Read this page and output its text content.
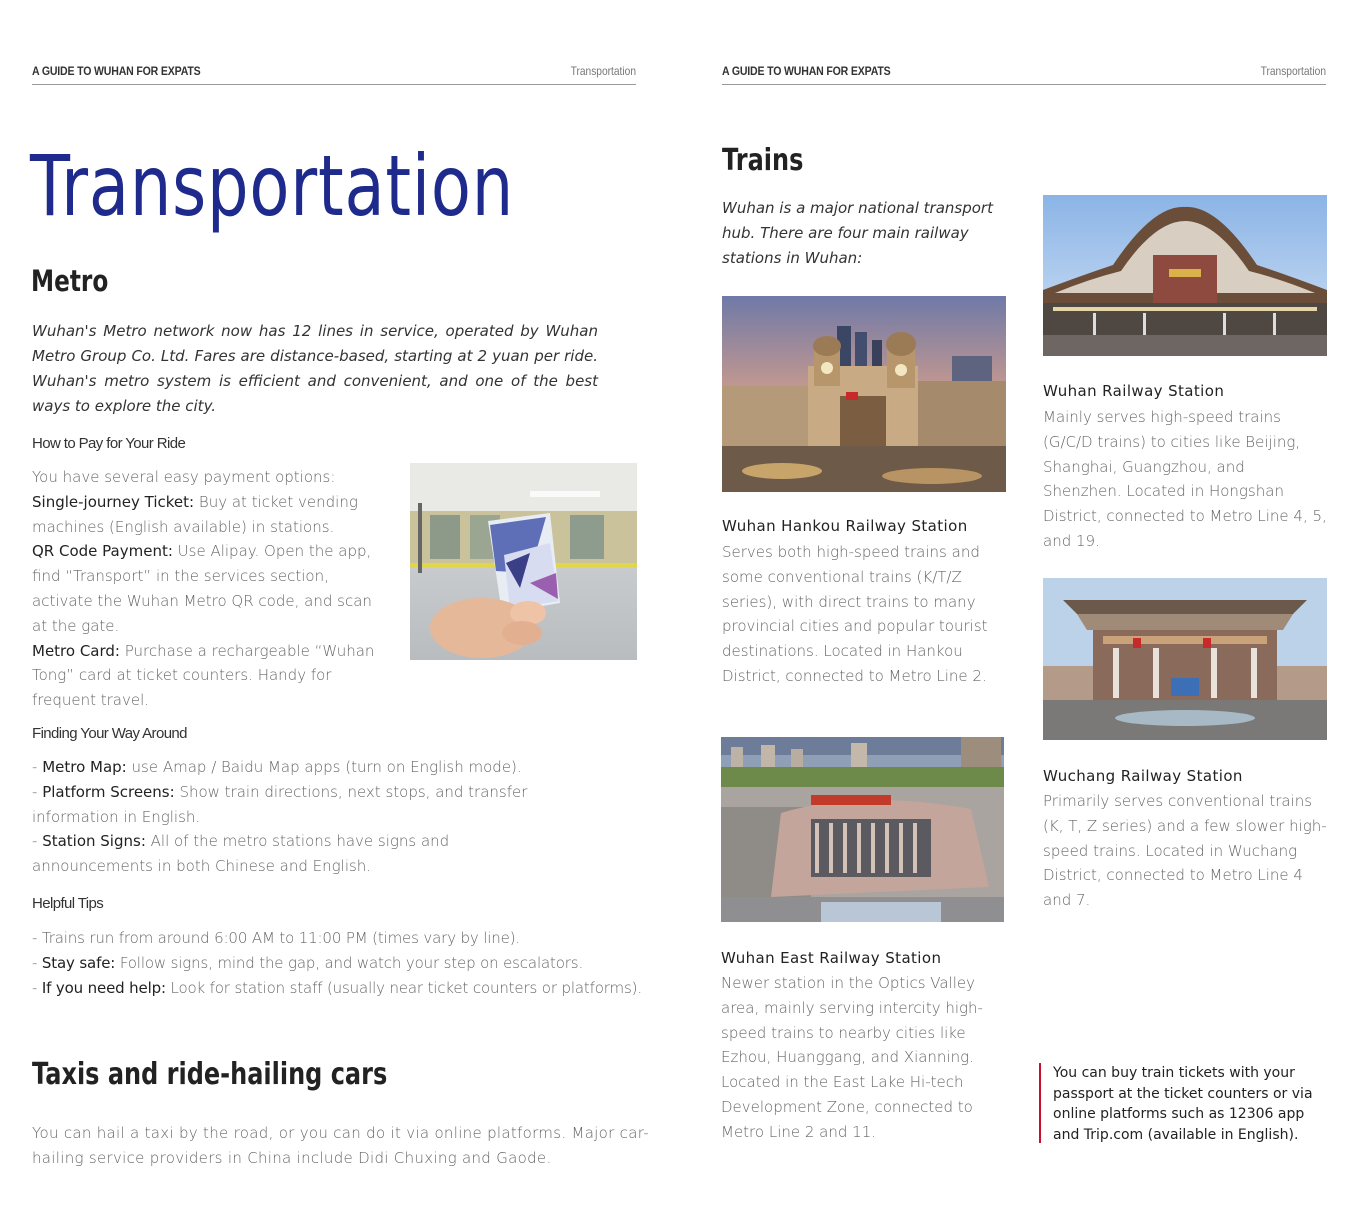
A GUIDE TO WUHAN FOR EXPATS	Transportation	A GUIDE TO WUHAN FOR EXPATS	Transportation
Transportation
Metro
Wuhan's Metro network now has 12 lines in service, operated by Wuhan Metro Group Co. Ltd. Fares are distance-based, starting at 2 yuan per ride. Wuhan's metro system is efficient and convenient, and one of the best ways to explore the city.
How to Pay for Your Ride
You have several easy payment options:
Single-journey Ticket: Buy at ticket vending machines (English available) in stations.
QR Code Payment: Use Alipay. Open the app, find “Transport” in the services section, activate the Wuhan Metro QR code, and scan at the gate.
Metro Card: Purchase a rechargeable “Wuhan Tong” card at ticket counters. Handy for frequent travel.
Finding Your Way Around
- Metro Map: use Amap / Baidu Map apps (turn on English mode).
- Platform Screens: Show train directions, next stops, and transfer information in English.
- Station Signs: All of the metro stations have signs and announcements in both Chinese and English.
Helpful Tips
- Trains run from around 6:00 AM to 11:00 PM (times vary by line).
- Stay safe: Follow signs, mind the gap, and watch your step on escalators.
- If you need help: Look for station staff (usually near ticket counters or platforms).
Taxis and ride-hailing cars
You can hail a taxi by the road, or you can do it via online platforms. Major car-hailing service providers in China include Didi Chuxing and Gaode.
Trains
Wuhan is a major national transport hub. There are four main railway stations in Wuhan:
Wuhan Hankou Railway Station
Serves both high-speed trains and some conventional trains (K/T/Z series), with direct trains to many provincial cities and popular tourist destinations. Located in Hankou District, connected to Metro Line 2.
Wuhan East Railway Station
Newer station in the Optics Valley area, mainly serving intercity high-speed trains to nearby cities like Ezhou, Huanggang, and Xianning. Located in the East Lake Hi-tech Development Zone, connected to Metro Line 2 and 11.
Wuhan Railway Station
Mainly serves high-speed trains (G/C/D trains) to cities like Beijing, Shanghai, Guangzhou, and Shenzhen. Located in Hongshan District, connected to Metro Line 4, 5, and 19.
Wuchang Railway Station
Primarily serves conventional trains (K, T, Z series) and a few slower high-speed trains. Located in Wuchang District, connected to Metro Line 4 and 7.
You can buy train tickets with your passport at the ticket counters or via online platforms such as 12306 app and Trip.com (available in English).
